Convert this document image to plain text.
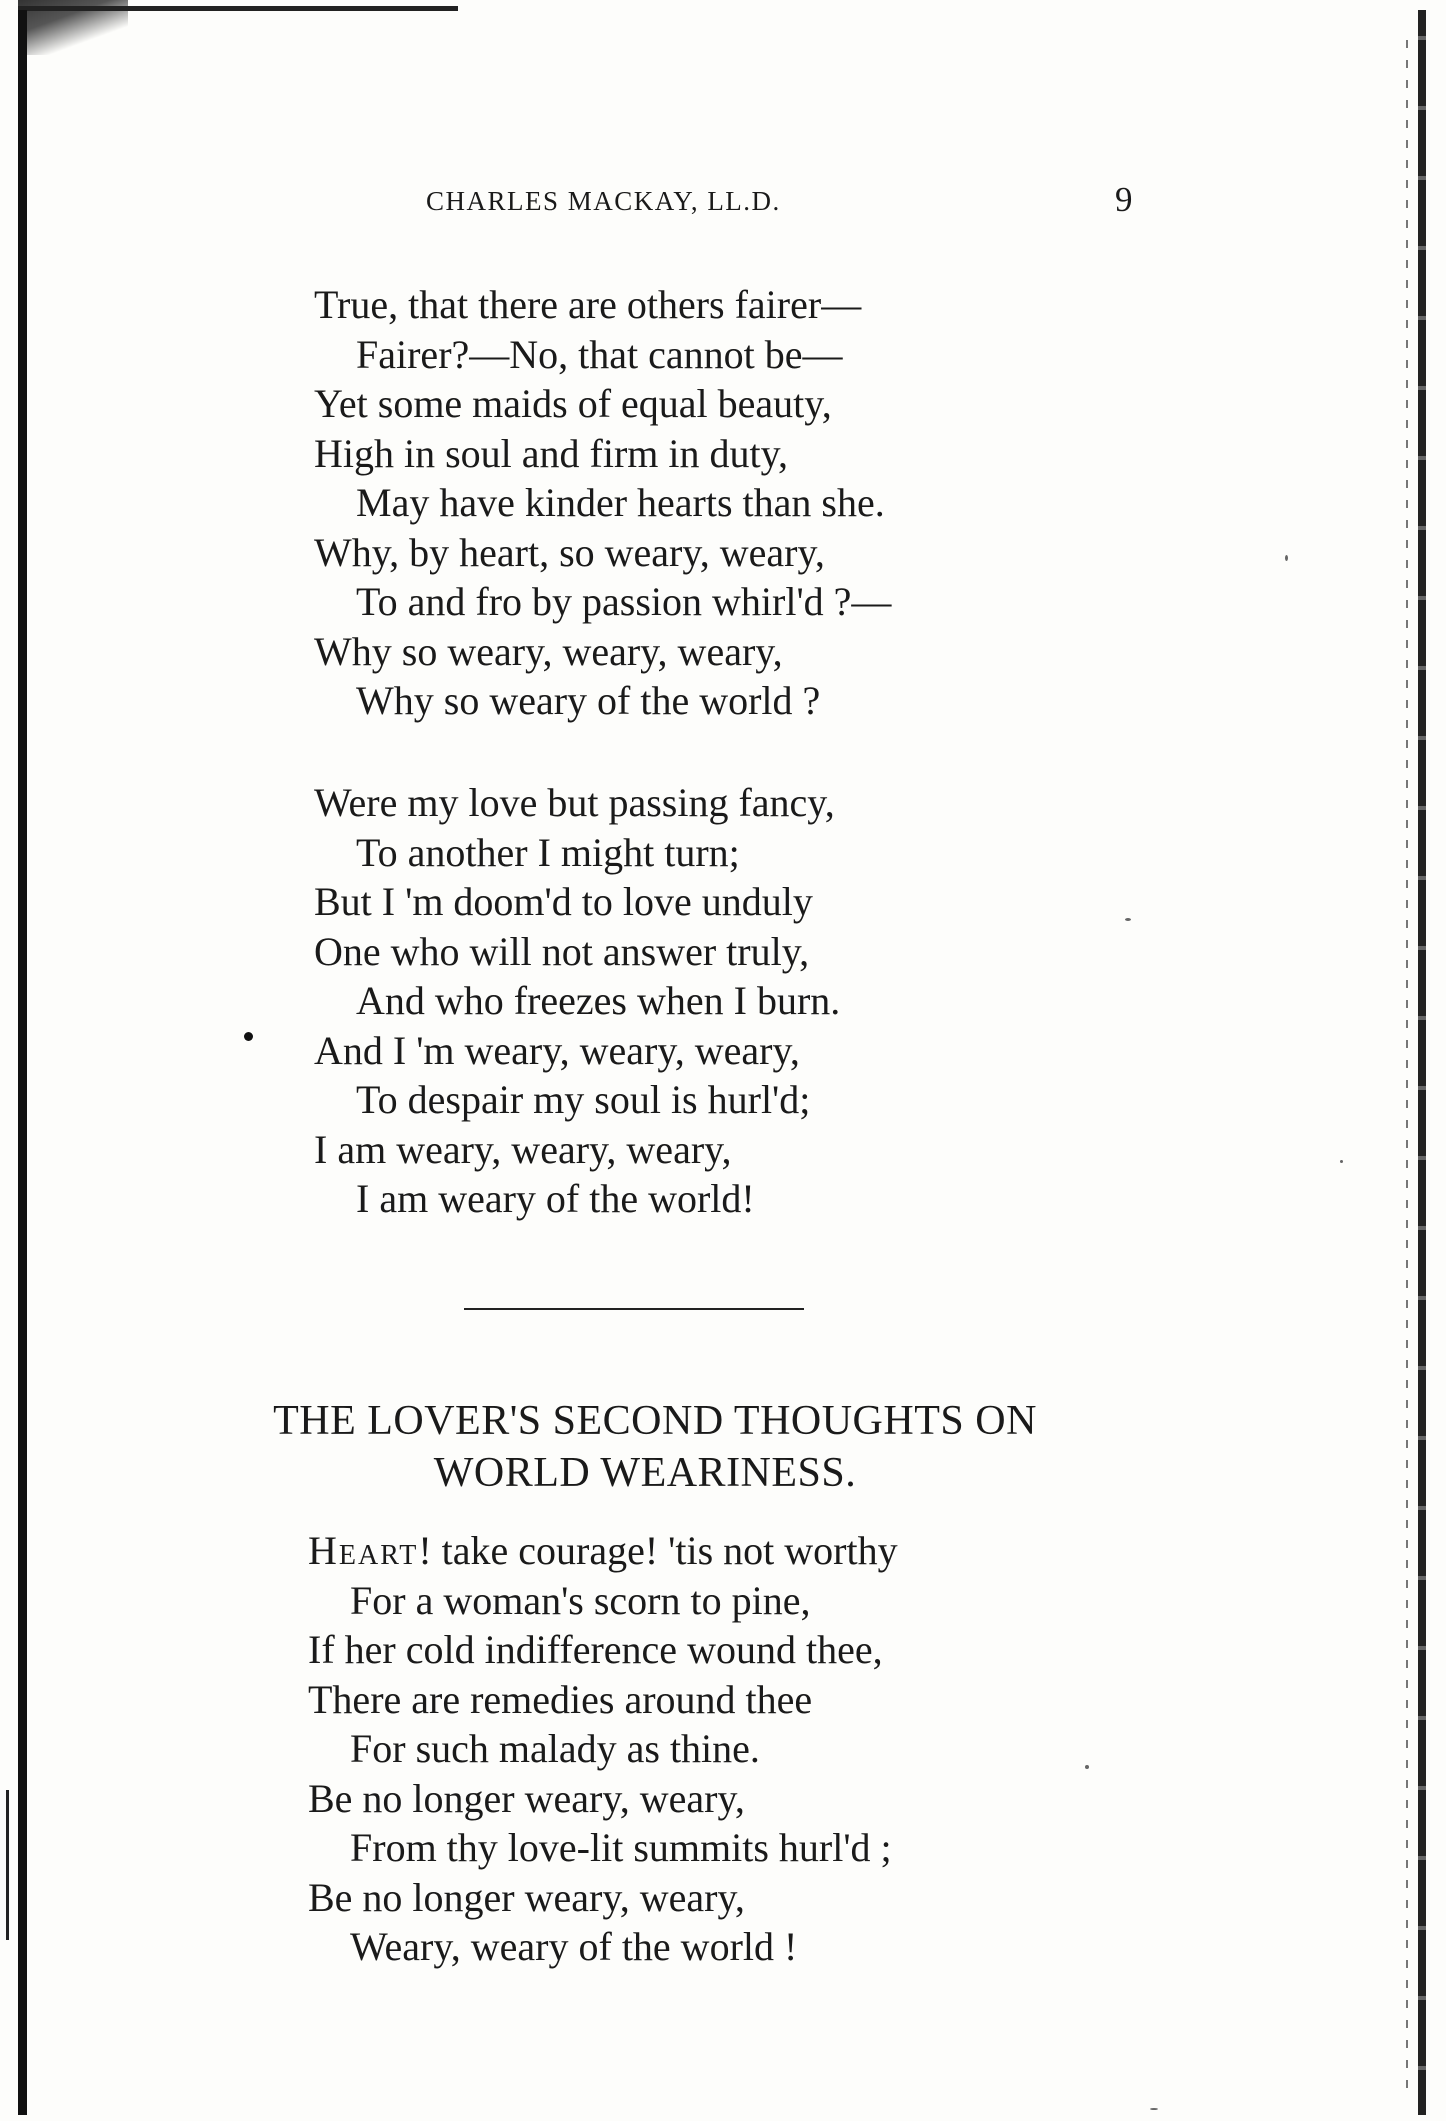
CHARLES MACKAY, LL.D.	9
True, that there are others fairer—
Fairer?—No, that cannot be—
Yet some maids of equal beauty,
High in soul and firm in duty,
May have kinder hearts than she.
Why, by heart, so weary, weary,
To and fro by passion whirl'd ?—
Why so weary, weary, weary,
Why so weary of the world ?
Were my love but passing fancy,
To another I might turn;
But I 'm doom'd to love unduly
One who will not answer truly,
And who freezes when I burn.
And I 'm weary, weary, weary,
To despair my soul is hurl'd;
I am weary, weary, weary,
I am weary of the world!
THE LOVER'S SECOND THOUGHTS ON
WORLD WEARINESS.
Heart! take courage! 'tis not worthy
For a woman's scorn to pine,
If her cold indifference wound thee,
There are remedies around thee
For such malady as thine.
Be no longer weary, weary,
From thy love-lit summits hurl'd ;
Be no longer weary, weary,
Weary, weary of the world !
